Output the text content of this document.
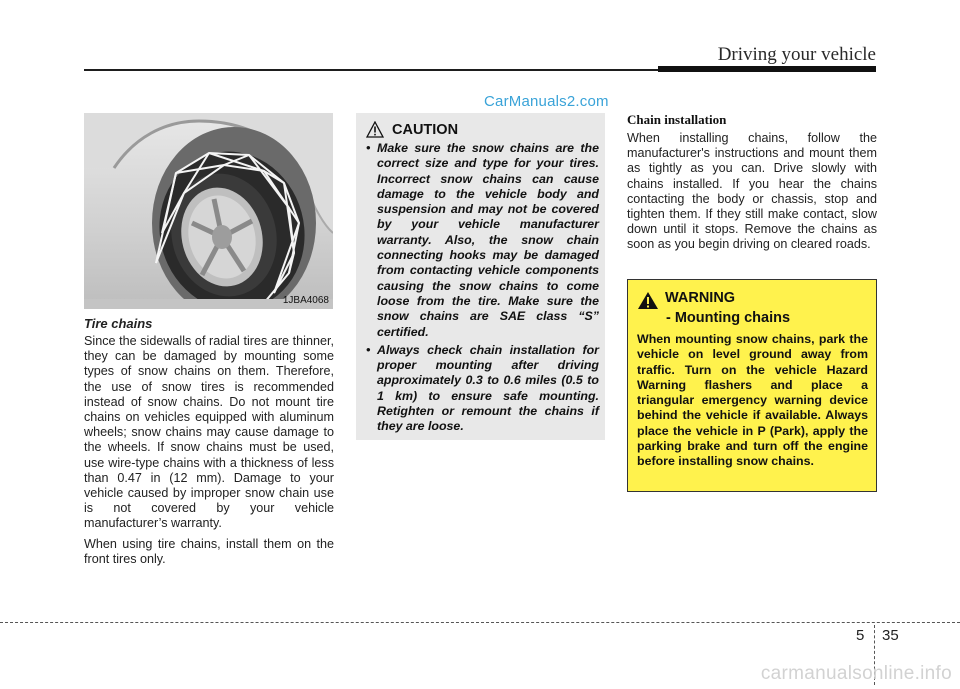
Driving your vehicle
CarManuals2.com
1JBA4068
Tire chains

Since the sidewalls of radial tires are thinner, they can be damaged by mounting some types of snow chains on them. Therefore, the use of snow tires is recommended instead of snow chains. Do not mount tire chains on vehicles equipped with aluminum wheels; snow chains may cause damage to the wheels. If snow chains must be used, use wire-type chains with a thickness of less than 0.47 in (12 mm). Damage to your vehicle caused by improper snow chain use is not covered by your vehicle manufacturer’s warranty.

When using tire chains, install them on the front tires only.

CAUTION
• Make sure the snow chains are the correct size and type for your tires. Incorrect snow chains can cause damage to the vehicle body and suspension and may not be covered by your vehicle manufacturer warranty. Also, the snow chain connecting hooks may be damaged from contacting vehicle components causing the snow chains to come loose from the tire. Make sure the snow chains are SAE class “S” certified.
• Always check chain installation for proper mounting after driving approximately 0.3 to 0.6 miles (0.5 to 1 km) to ensure safe mounting. Retighten or remount the chains if they are loose.
Chain installation

When installing chains, follow the manufacturer's instructions and mount them as tightly as you can. Drive slowly with chains installed. If you hear the chains contacting the body or chassis, stop and tighten them. If they still make contact, slow down until it stops. Remove the chains as soon as you begin driving on cleared roads.

WARNING
- Mounting chains
When mounting snow chains, park the vehicle on level ground away from traffic. Turn on the vehicle Hazard Warning flashers and place a triangular emergency warning device behind the vehicle if available. Always place the vehicle in P (Park), apply the parking brake and turn off the engine before installing snow chains.
5 35
carmanualsonline.info
